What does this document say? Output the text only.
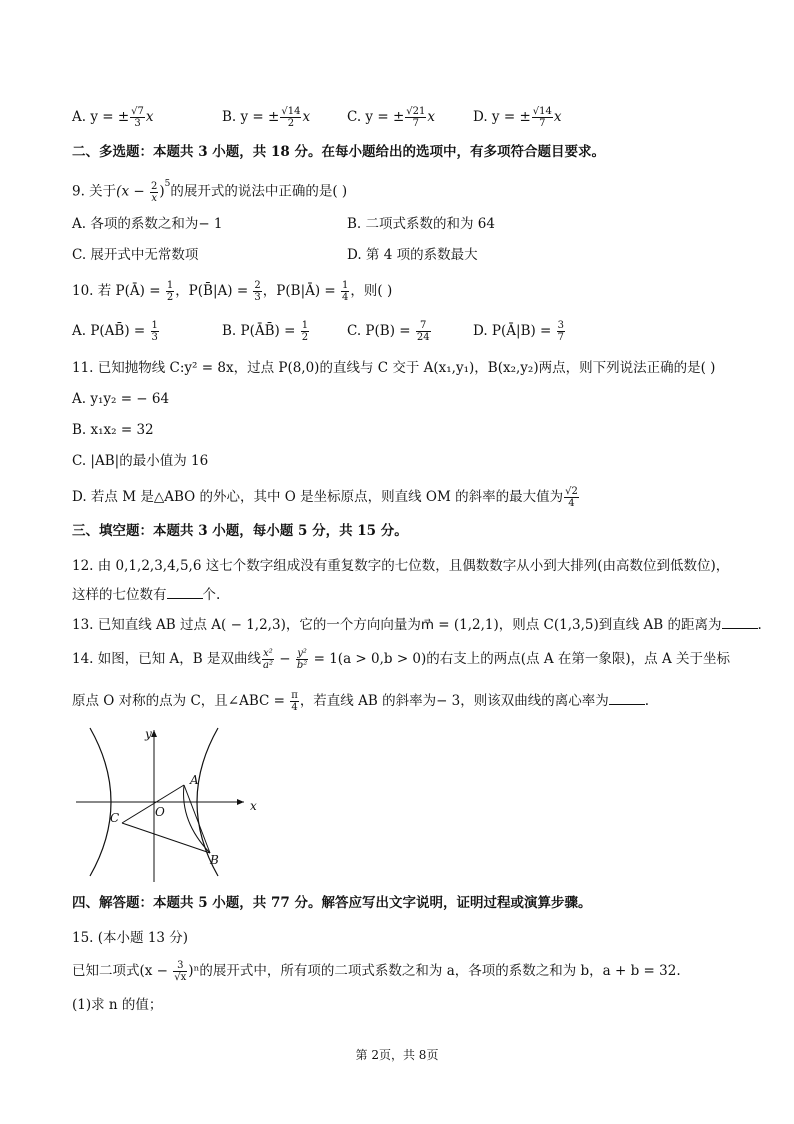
A. y = ± $\frac{√7}{3}$ x	B. y = ± $\frac{√14}{2}$ x	C. y = ± $\frac{√21}{7}$ x	D. y = ± $\frac{√14}{7}$ x
二、多选题：本题共 3 小题，共 18 分。在每小题给出的选项中，有多项符合题目要求。
9. 关于$(x - \frac{2}{x} )^5$的展开式的说法中正确的是( )
A. 各项的系数之和为− 1	B. 二项式系数的和为 64
C. 展开式中无常数项	D. 第 4 项的系数最大
10. 若 P(Ā) = $\frac{1}{2}$ ，P(B̄|A) = $\frac{2}{3}$ ，P(B|Ā) = $\frac{1}{4}$ ，则( )
A. P(AB̄) = $\frac{1}{3}$	B. P(ĀB̄) = $\frac{1}{2}$	C. $P(B) = \frac{7}{24}$	D. P(Ā|B) = $\frac{3}{7}$
11. 已知抛物线 C:y² = 8x，过点 P(8,0)的直线与 C 交于 A(x₁,y₁)，B(x₂,y₂)两点，则下列说法正确的是( )
A. y₁y₂ = − 64
B. x₁x₂ = 32
C. |AB|的最小值为 16
D. 若点 M 是△ABO 的外心，其中 O 是坐标原点，则直线 OM 的斜率的最大值为 $\frac{√2}{4}$
三、填空题：本题共 3 小题，每小题 5 分，共 15 分。
12. 由 0,1,2,3,4,5,6 这七个数字组成没有重复数字的七位数，且偶数数字从小到大排列(由高数位到低数位)，
这样的七位数有	个.
13. 已知直线 AB 过点 A( − 1,2,3)，它的一个方向向量为m⃗ = (1,2,1)，则点 C(1,3,5)到直线 AB 的距离为	.
14. 如图，已知 A，B 是双曲线 $\frac{\text{x²}}{\text{a²}} - \frac{\text{y²}}{\text{b²}} = 1(a > 0,b > 0)$的右支上的两点(点 A 在第一象限)，点 A 关于坐标
原点 O 对称的点为 C，且∠ABC = $\frac{\pi}{4}$ ，若直线 AB 的斜率为− 3，则该双曲线的离心率为	.
y
x
O
A
B
C
四、解答题：本题共 5 小题，共 77 分。解答应写出文字说明，证明过程或演算步骤。
15. (本小题 13 分)
已知二项式$(x - \frac{3}{√x} )^n$的展开式中，所有项的二项式系数之和为 a，各项的系数之和为 b，a + b = 32.
(1)求 n 的值；
第 2页，共 8页
